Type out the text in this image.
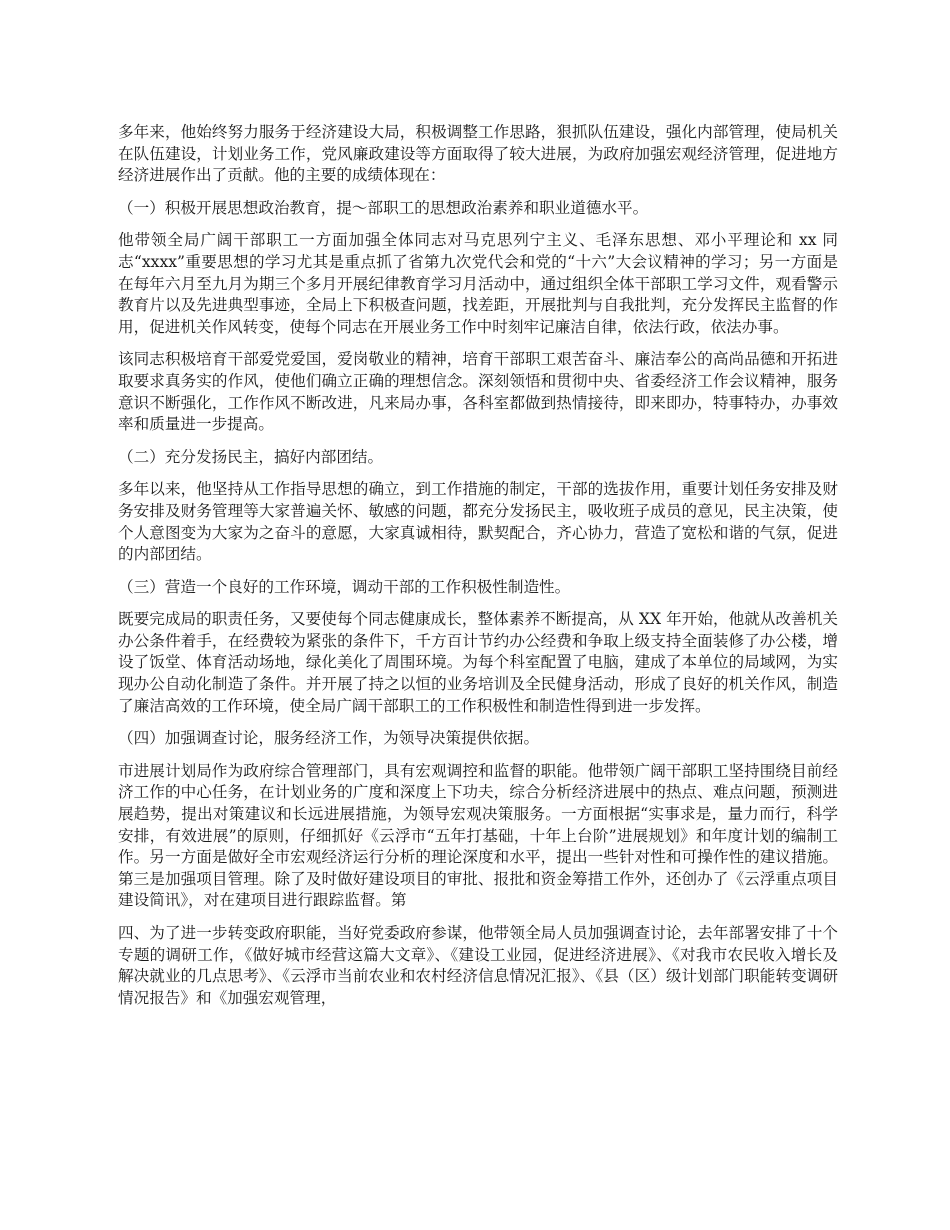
多年来，他始终努力服务于经济建设大局，积极调整工作思路，狠抓队伍建设，强化内部管理，使局机关在队伍建设，计划业务工作，党风廉政建设等方面取得了较大进展，为政府加强宏观经济管理，促进地方经济进展作出了贡献。他的主要的成绩体现在：

（一）积极开展思想政治教育，提～部职工的思想政治素养和职业道德水平。

他带领全局广阔干部职工一方面加强全体同志对马克思列宁主义、毛泽东思想、邓小平理论和 xx 同志“xxxx”重要思想的学习尤其是重点抓了省第九次党代会和党的“十六”大会议精神的学习；另一方面是在每年六月至九月为期三个多月开展纪律教育学习月活动中，通过组织全体干部职工学习文件，观看警示教育片以及先进典型事迹，全局上下积极查问题，找差距，开展批判与自我批判，充分发挥民主监督的作用，促进机关作风转变，使每个同志在开展业务工作中时刻牢记廉洁自律，依法行政，依法办事。

该同志积极培育干部爱党爱国，爱岗敬业的精神，培育干部职工艰苦奋斗、廉洁奉公的高尚品德和开拓进取要求真务实的作风，使他们确立正确的理想信念。深刻领悟和贯彻中央、省委经济工作会议精神，服务意识不断强化，工作作风不断改进，凡来局办事，各科室都做到热情接待，即来即办，特事特办，办事效率和质量进一步提高。

（二）充分发扬民主，搞好内部团结。

多年以来，他坚持从工作指导思想的确立，到工作措施的制定，干部的选拔作用，重要计划任务安排及财务安排及财务管理等大家普遍关怀、敏感的问题，都充分发扬民主，吸收班子成员的意见，民主决策，使个人意图变为大家为之奋斗的意愿，大家真诚相待，默契配合，齐心协力，营造了宽松和谐的气氛，促进的内部团结。

（三）营造一个良好的工作环境，调动干部的工作积极性制造性。

既要完成局的职责任务，又要使每个同志健康成长，整体素养不断提高，从 XX 年开始，他就从改善机关办公条件着手，在经费较为紧张的条件下，千方百计节约办公经费和争取上级支持全面装修了办公楼，增设了饭堂、体育活动场地，绿化美化了周围环境。为每个科室配置了电脑，建成了本单位的局域网，为实现办公自动化制造了条件。并开展了持之以恒的业务培训及全民健身活动，形成了良好的机关作风，制造了廉洁高效的工作环境，使全局广阔干部职工的工作积极性和制造性得到进一步发挥。

（四）加强调查讨论，服务经济工作，为领导决策提供依据。

市进展计划局作为政府综合管理部门，具有宏观调控和监督的职能。他带领广阔干部职工坚持围绕目前经济工作的中心任务，在计划业务的广度和深度上下功夫，综合分析经济进展中的热点、难点问题，预测进展趋势，提出对策建议和长远进展措施，为领导宏观决策服务。一方面根据“实事求是，量力而行，科学安排，有效进展”的原则，仔细抓好《云浮市“五年打基础，十年上台阶”进展规划》和年度计划的编制工作。另一方面是做好全市宏观经济运行分析的理论深度和水平，提出一些针对性和可操作性的建议措施。第三是加强项目管理。除了及时做好建设项目的审批、报批和资金筹措工作外，还创办了《云浮重点项目建设简讯》，对在建项目进行跟踪监督。第

四、为了进一步转变政府职能，当好党委政府参谋，他带领全局人员加强调查讨论，去年部署安排了十个专题的调研工作，《做好城市经营这篇大文章》、《建设工业园，促进经济进展》、《对我市农民收入增长及解决就业的几点思考》、《云浮市当前农业和农村经济信息情况汇报》、《县（区）级计划部门职能转变调研情况报告》和《加强宏观管理，
